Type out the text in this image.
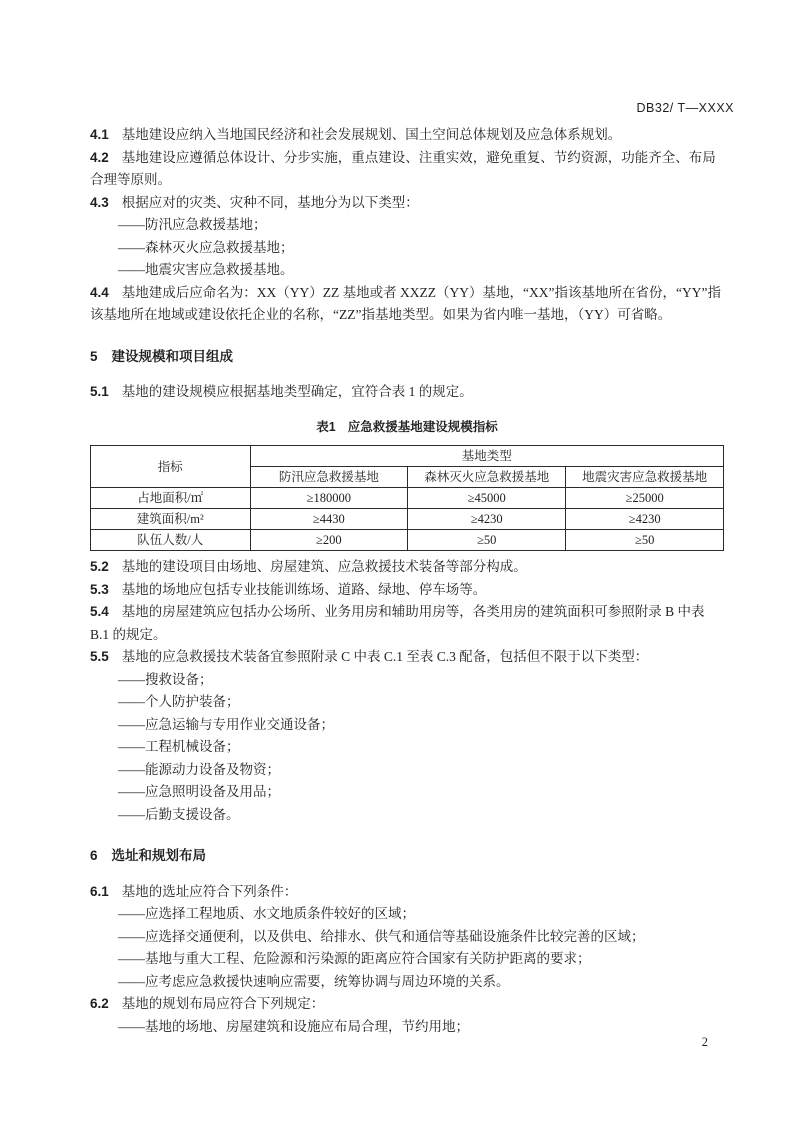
DB32/ T—XXXX

4.1 基地建设应纳入当地国民经济和社会发展规划、国土空间总体规划及应急体系规划。

4.2 基地建设应遵循总体设计、分步实施，重点建设、注重实效，避免重复、节约资源，功能齐全、布局合理等原则。

4.3 根据应对的灾类、灾种不同，基地分为以下类型：

——防汛应急救援基地；

——森林灭火应急救援基地；

——地震灾害应急救援基地。

4.4 基地建成后应命名为：XX（YY）ZZ 基地或者 XXZZ（YY）基地，“XX”指该基地所在省份，“YY”指该基地所在地域或建设依托企业的名称，“ZZ”指基地类型。如果为省内唯一基地，（YY）可省略。

5 建设规模和项目组成

5.1 基地的建设规模应根据基地类型确定，宜符合表 1 的规定。

表1 应急救援基地建设规模指标

指标	基地类型		
	防汛应急救援基地	森林灭火应急救援基地	地震灾害应急救援基地
占地面积/㎡	≥180000	≥45000	≥25000
建筑面积/m²	≥4430	≥4230	≥4230
队伍人数/人	≥200	≥50	≥50

5.2 基地的建设项目由场地、房屋建筑、应急救援技术装备等部分构成。

5.3 基地的场地应包括专业技能训练场、道路、绿地、停车场等。

5.4 基地的房屋建筑应包括办公场所、业务用房和辅助用房等，各类用房的建筑面积可参照附录 B 中表 B.1 的规定。

5.5 基地的应急救援技术装备宜参照附录 C 中表 C.1 至表 C.3 配备，包括但不限于以下类型：

——搜救设备；

——个人防护装备；

——应急运输与专用作业交通设备；

——工程机械设备；

——能源动力设备及物资；

——应急照明设备及用品；

——后勤支援设备。

6 选址和规划布局

6.1 基地的选址应符合下列条件：

——应选择工程地质、水文地质条件较好的区域；

——应选择交通便利，以及供电、给排水、供气和通信等基础设施条件比较完善的区域；

——基地与重大工程、危险源和污染源的距离应符合国家有关防护距离的要求；

——应考虑应急救援快速响应需要，统筹协调与周边环境的关系。

6.2 基地的规划布局应符合下列规定：

——基地的场地、房屋建筑和设施应布局合理，节约用地；

2
